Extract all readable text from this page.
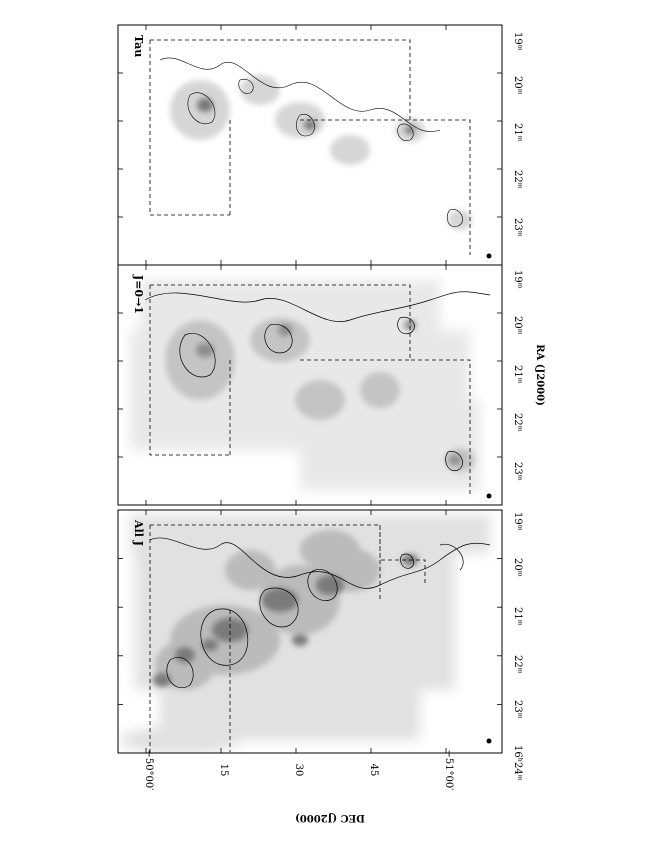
DEC (J2000)
All J
J=0→1
Tau
16ʰ24ᵐ
23ᵐ
22ᵐ
21ᵐ
20ᵐ
19ᵐ
23ᵐ
22ᵐ
21ᵐ
20ᵐ
19ᵐ
23ᵐ
22ᵐ
21ᵐ
20ᵐ
19ᵐ
RA (J2000)
−50°00′	15	30	45	−51°00′
